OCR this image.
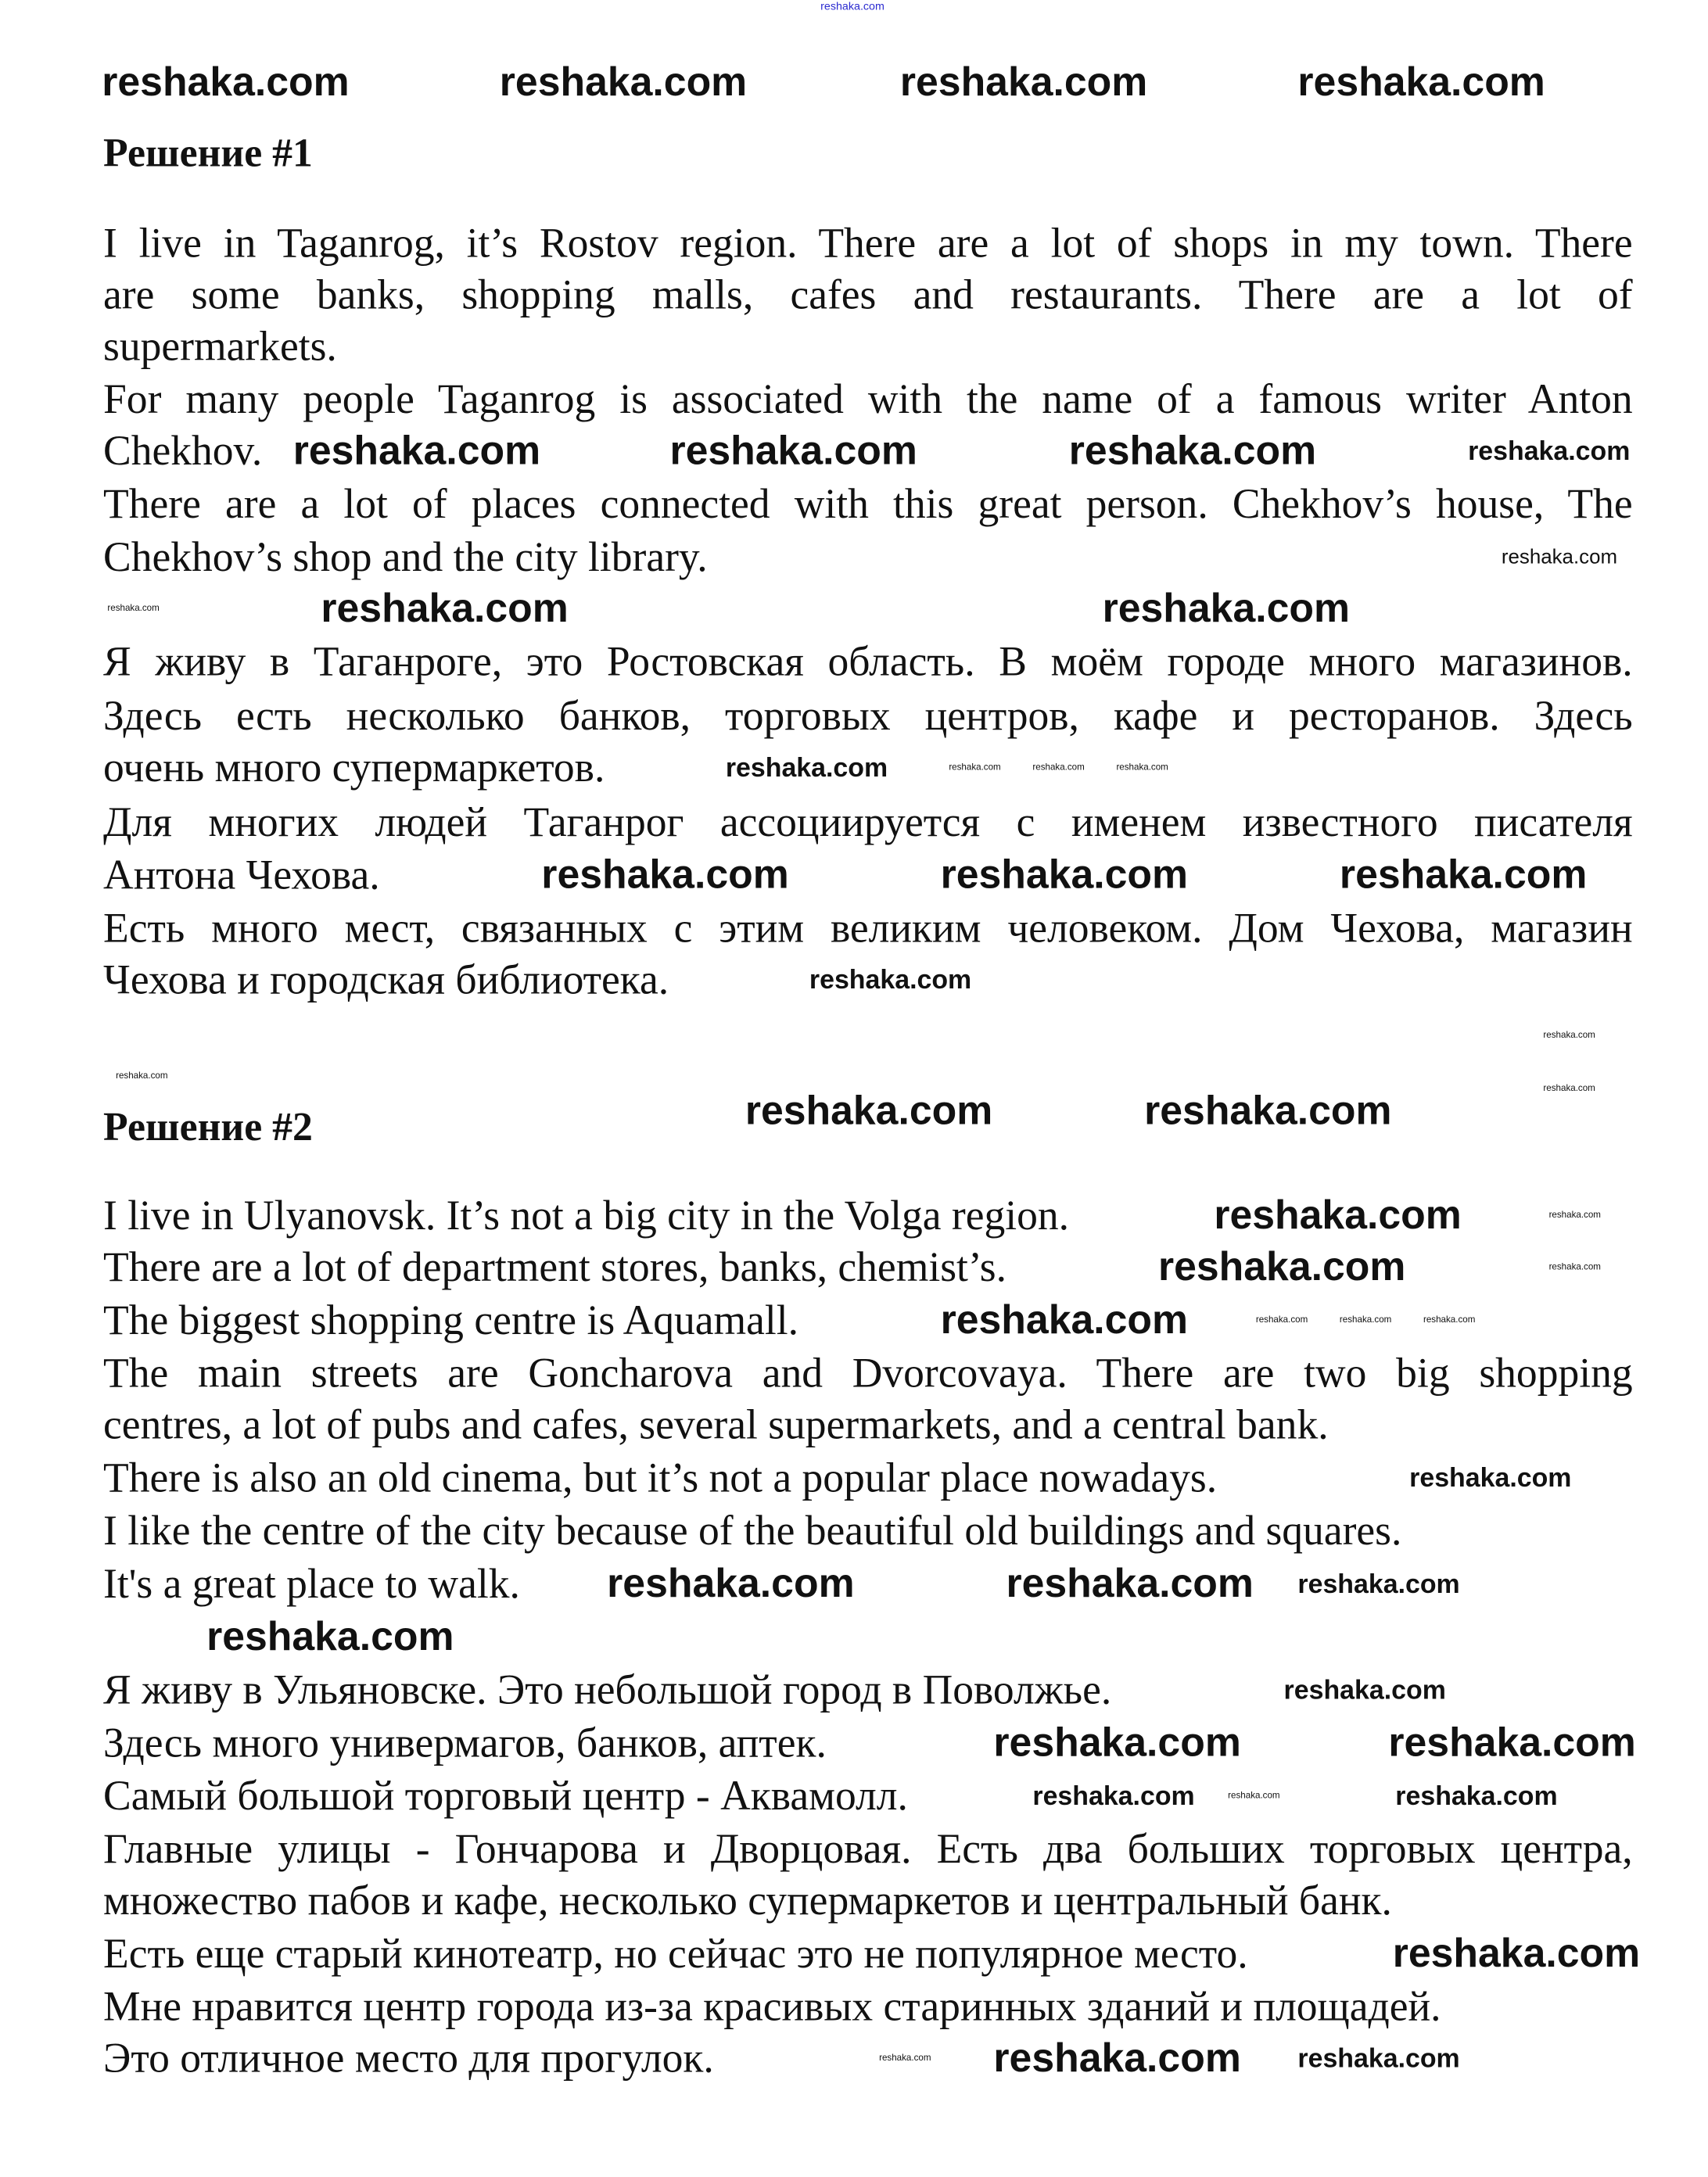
Решение #1
I live in Taganrog, it’s Rostov region. There are a lot of shops in my town. There
are some banks, shopping malls, cafes and restaurants. There are a lot of
supermarkets.
For many people Taganrog is associated with the name of a famous writer Anton
Chekhov.
There are a lot of places connected with this great person. Chekhov’s house, The
Chekhov’s shop and the city library.
Я живу в Таганроге, это Ростовская область. В моём городе много магазинов.
Здесь есть несколько банков, торговых центров, кафе и ресторанов. Здесь
очень много супермаркетов.
Для многих людей Таганрог ассоциируется с именем известного писателя
Антона Чехова.
Есть много мест, связанных с этим великим человеком. Дом Чехова, магазин
Чехова и городская библиотека.
Решение #2
I live in Ulyanovsk. It’s not a big city in the Volga region.
There are a lot of department stores, banks, chemist’s.
The biggest shopping centre is Aquamall.
The main streets are Goncharova and Dvorcovaya. There are two big shopping
centres, a lot of pubs and cafes, several supermarkets, and a central bank.
There is also an old cinema, but it’s not a popular place nowadays.
I like the centre of the city because of the beautiful old buildings and squares.
It's a great place to walk.
Я живу в Ульяновске. Это небольшой город в Поволжье.
Здесь много универмагов, банков, аптек.
Самый большой торговый центр - Аквамолл.
Главные улицы - Гончарова и Дворцовая. Есть два больших торговых центра,
множество пабов и кафе, несколько супермаркетов и центральный банк.
Есть еще старый кинотеатр, но сейчас это не популярное место.
Мне нравится центр города из-за красивых старинных зданий и площадей.
Это отличное место для прогулок.
reshaka.com
reshaka.com	reshaka.com	reshaka.com	reshaka.com
reshaka.com
reshaka.com	reshaka.com	reshaka.com
reshaka.com
reshaka.com	reshaka.com
reshaka.com
reshaka.com
reshaka.com	reshaka.com	reshaka.com
reshaka.com
reshaka.com	reshaka.com
reshaka.com
reshaka.com
reshaka.com
reshaka.com
reshaka.com
reshaka.com
reshaka.com	reshaka.com
reshaka.com
reshaka.com
reshaka.com	reshaka.com	reshaka.com	reshaka.com
reshaka.com
reshaka.com
reshaka.com	reshaka.com
reshaka.com
reshaka.com	reshaka.com
reshaka.com	reshaka.com	reshaka.com
reshaka.com
reshaka.com
reshaka.com
reshaka.com
reshaka.com
